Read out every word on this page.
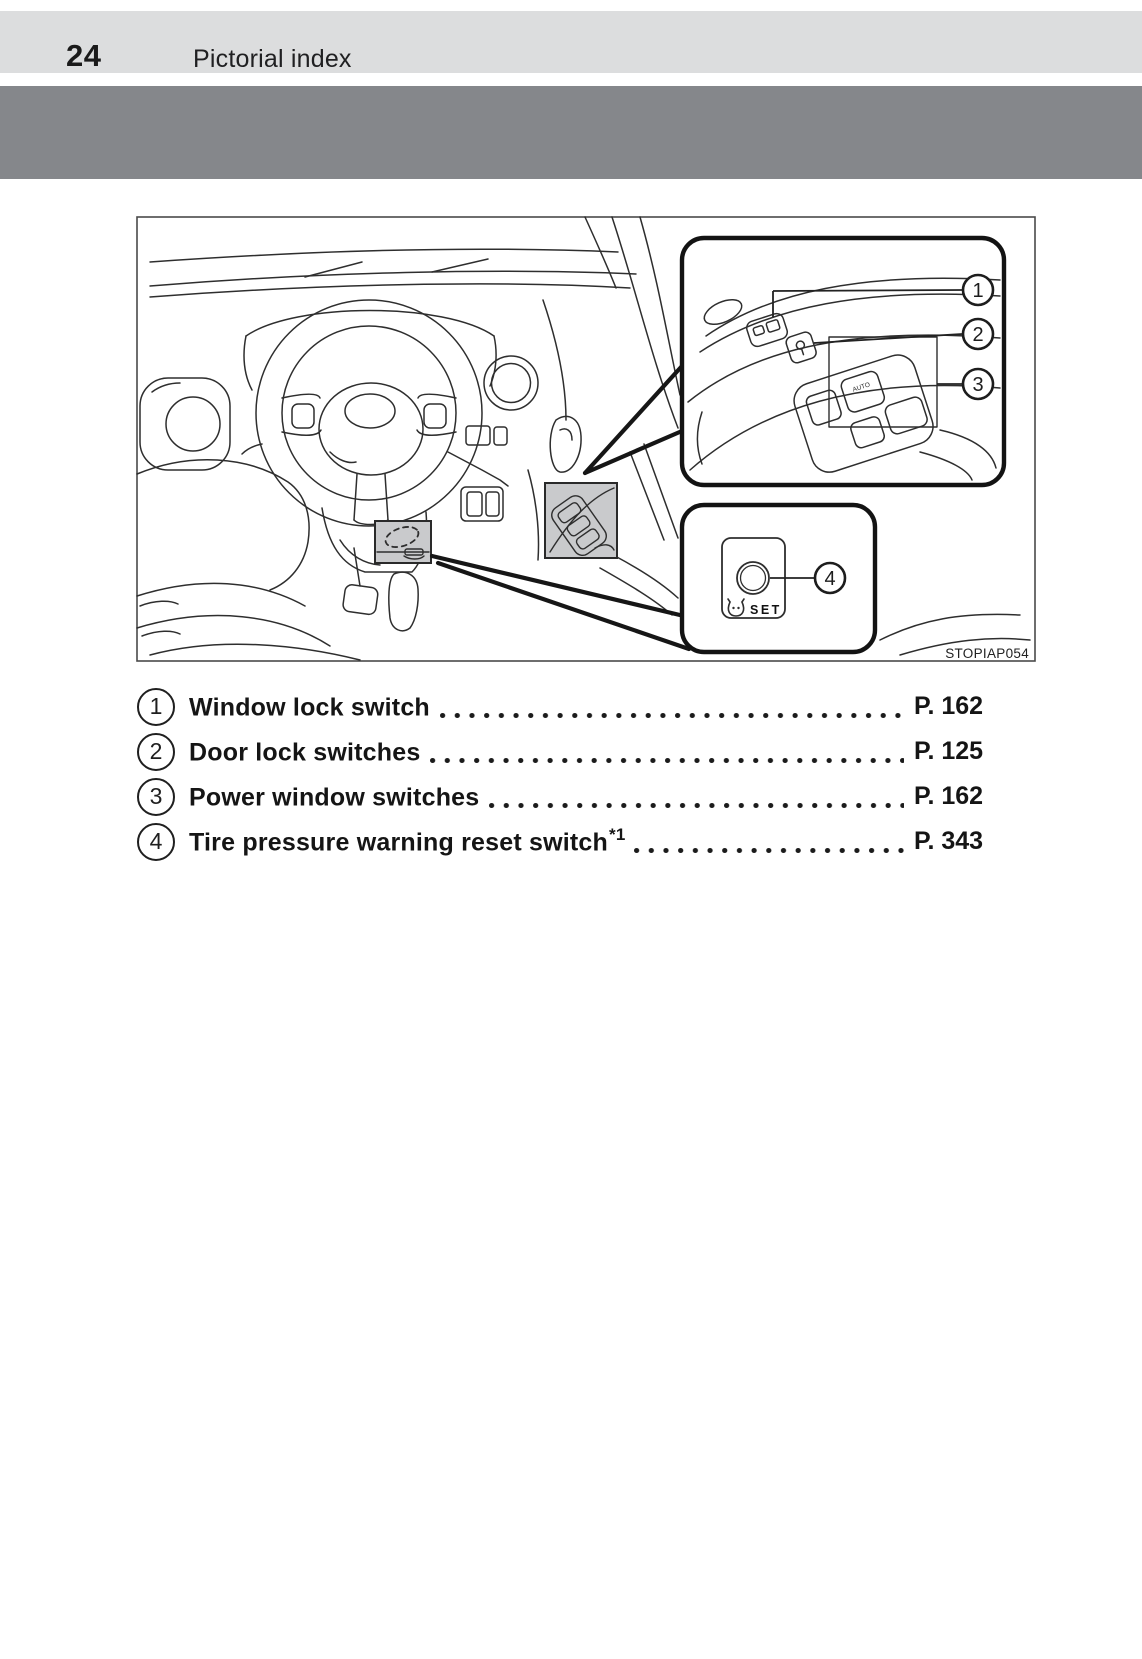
24	Pictorial index
AUTO
1
2
3
SET
4
STOPIAP054
1	Window lock switch	P. 162
2	Door lock switches	P. 125
3	Power window switches	P. 162
4	Tire pressure warning reset switch$^{*1}$	P. 343
